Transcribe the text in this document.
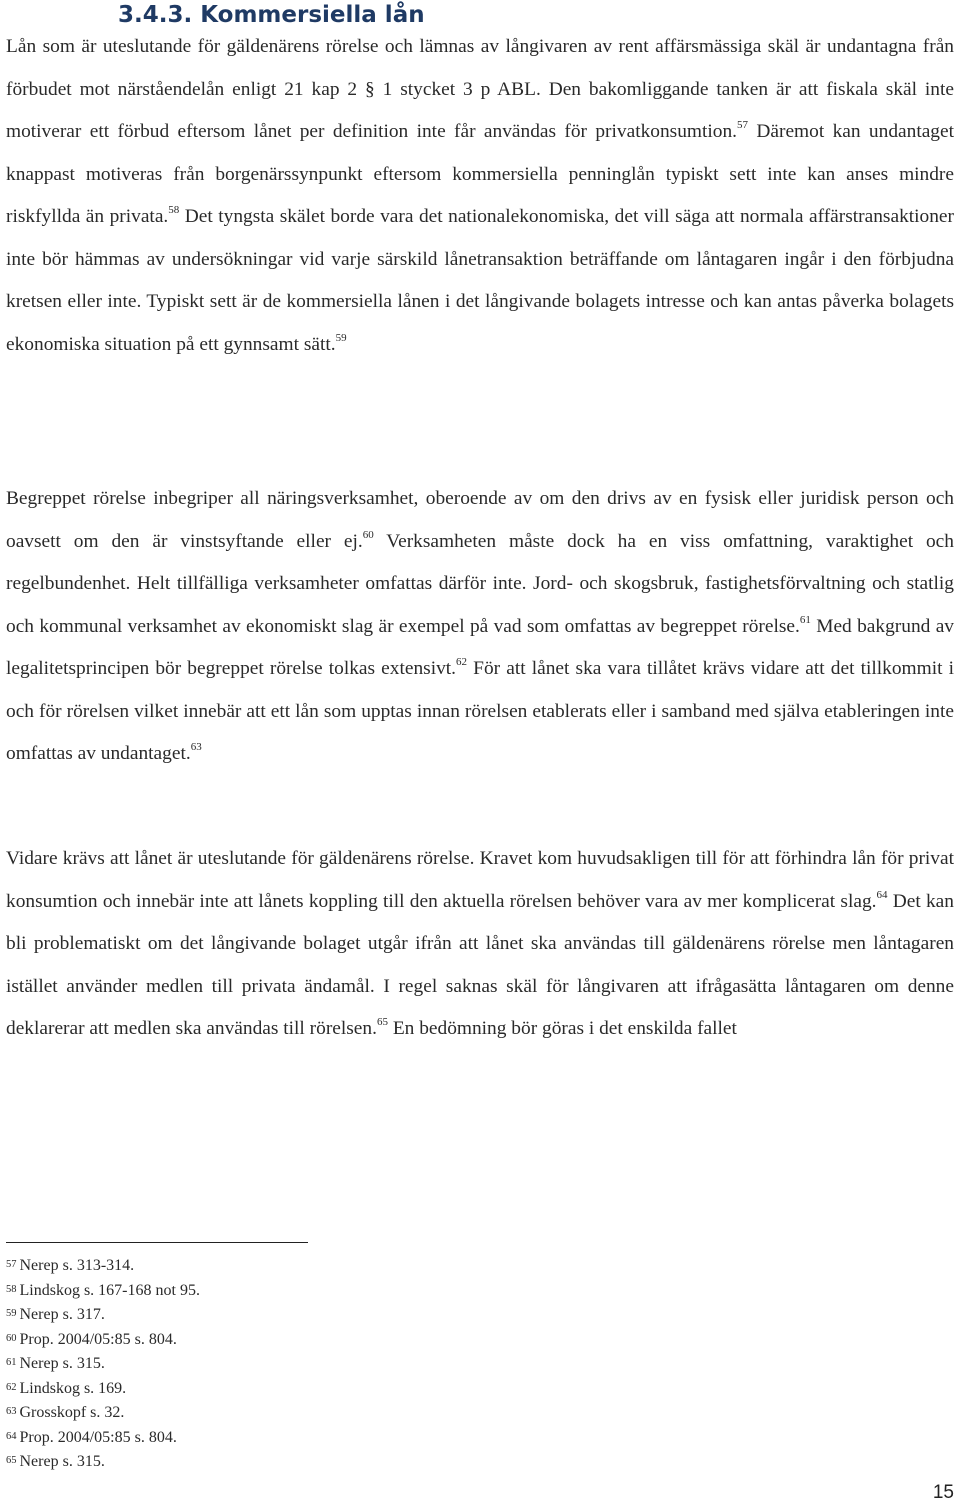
3.4.3. Kommersiella lån

Lån som är uteslutande för gäldenärens rörelse och lämnas av långivaren av rent affärsmässiga skäl är undantagna från förbudet mot närståendelån enligt 21 kap 2 § 1 stycket 3 p ABL. Den bakomliggande tanken är att fiskala skäl inte motiverar ett förbud eftersom lånet per definition inte får användas för privatkonsumtion.$^{57}$ Däremot kan undantaget knappast motiveras från borgenärssynpunkt eftersom kommersiella penninglån typiskt sett inte kan anses mindre riskfyllda än privata.$^{58}$ Det tyngsta skälet borde vara det nationalekonomiska, det vill säga att normala affärstransaktioner inte bör hämmas av undersökningar vid varje särskild lånetransaktion beträffande om låntagaren ingår i den förbjudna kretsen eller inte. Typiskt sett är de kommersiella lånen i det långivande bolagets intresse och kan antas påverka bolagets ekonomiska situation på ett gynnsamt sätt.$^{59}$

Begreppet rörelse inbegriper all näringsverksamhet, oberoende av om den drivs av en fysisk eller juridisk person och oavsett om den är vinstsyftande eller ej.$^{60}$ Verksamheten måste dock ha en viss omfattning, varaktighet och regelbundenhet. Helt tillfälliga verksamheter omfattas därför inte. Jord- och skogsbruk, fastighetsförvaltning och statlig och kommunal verksamhet av ekonomiskt slag är exempel på vad som omfattas av begreppet rörelse.$^{61}$ Med bakgrund av legalitetsprincipen bör begreppet rörelse tolkas extensivt.$^{62}$ För att lånet ska vara tillåtet krävs vidare att det tillkommit i och för rörelsen vilket innebär att ett lån som upptas innan rörelsen etablerats eller i samband med själva etableringen inte omfattas av undantaget.$^{63}$

Vidare krävs att lånet är uteslutande för gäldenärens rörelse. Kravet kom huvudsakligen till för att förhindra lån för privat konsumtion och innebär inte att lånets koppling till den aktuella rörelsen behöver vara av mer komplicerat slag.$^{64}$ Det kan bli problematiskt om det långivande bolaget utgår ifrån att lånet ska användas till gäldenärens rörelse men låntagaren istället använder medlen till privata ändamål. I regel saknas skäl för långivaren att ifrågasätta låntagaren om denne deklarerar att medlen ska användas till rörelsen.$^{65}$ En bedömning bör göras i det enskilda fallet

57 Nerep s. 313-314.
58 Lindskog s. 167-168 not 95.
59 Nerep s. 317.
60 Prop. 2004/05:85 s. 804.
61 Nerep s. 315.
62 Lindskog s. 169.
63 Grosskopf s. 32.
64 Prop. 2004/05:85 s. 804.
65 Nerep s. 315.
15
